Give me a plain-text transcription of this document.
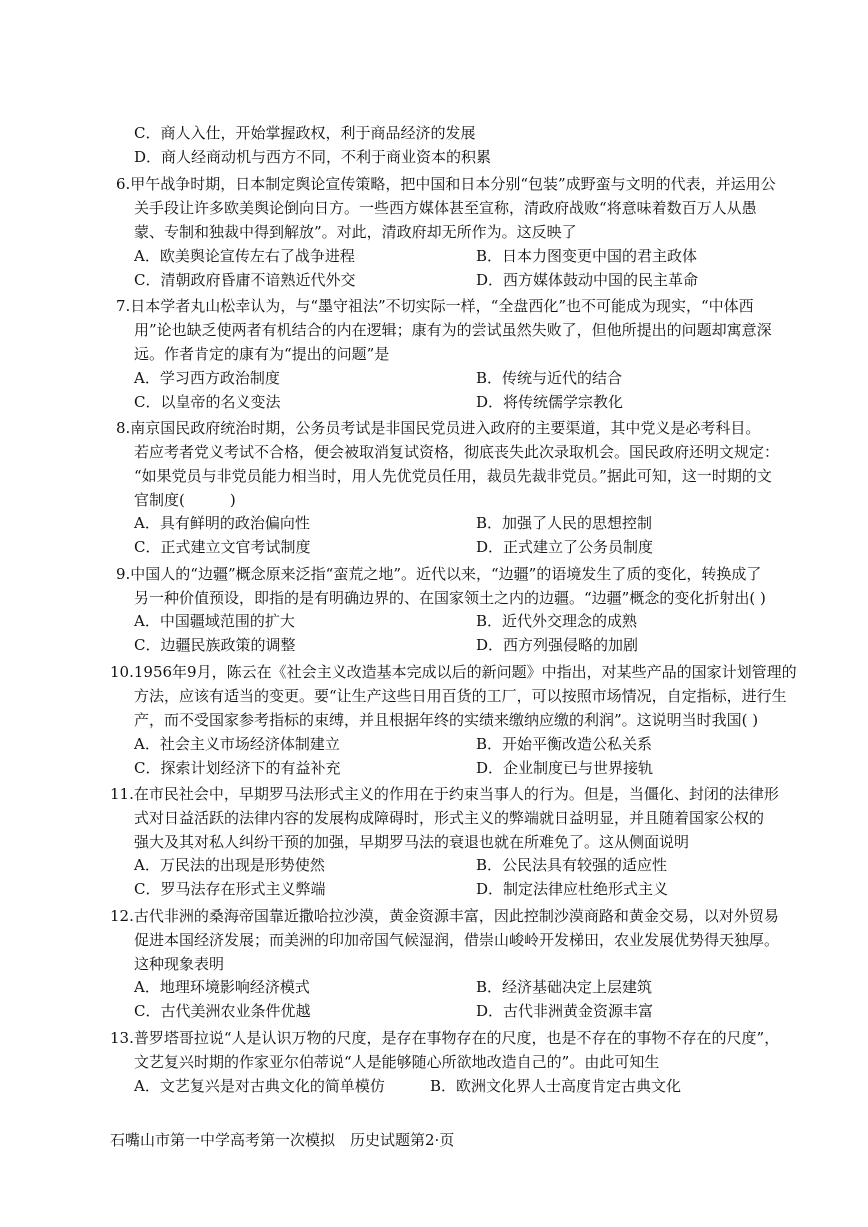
C．商人入仕，开始掌握政权，利于商品经济的发展
D．商人经商动机与西方不同，不利于商业资本的积累
6.甲午战争时期，日本制定舆论宣传策略，把中国和日本分别“包装”成野蛮与文明的代表，并运用公
关手段让许多欧美舆论倒向日方。一些西方媒体甚至宣称，清政府战败“将意味着数百万人从愚
蒙、专制和独裁中得到解放”。对此，清政府却无所作为。这反映了
A．欧美舆论宣传左右了战争进程	B．日本力图变更中国的君主政体
C．清朝政府昏庸不谙熟近代外交	D．西方媒体鼓动中国的民主革命
7.日本学者丸山松幸认为，与“墨守祖法”不切实际一样，“全盘西化”也不可能成为现实，“中体西
用”论也缺乏使两者有机结合的内在逻辑；康有为的尝试虽然失败了，但他所提出的问题却寓意深
远。作者肯定的康有为“提出的问题”是
A．学习西方政治制度	B．传统与近代的结合
C．以皇帝的名义变法	D．将传统儒学宗教化
8.南京国民政府统治时期，公务员考试是非国民党员进入政府的主要渠道，其中党义是必考科目。
若应考者党义考试不合格，便会被取消复试资格，彻底丧失此次录取机会。国民政府还明文规定：
“如果党员与非党员能力相当时，用人先优党员任用，裁员先裁非党员。”据此可知，这一时期的文
官制度(　　　)
A．具有鲜明的政治偏向性	B．加强了人民的思想控制
C．正式建立文官考试制度	D．正式建立了公务员制度
9.中国人的“边疆”概念原来泛指“蛮荒之地”。近代以来，“边疆”的语境发生了质的变化，转换成了
另一种价值预设，即指的是有明确边界的、在国家领土之内的边疆。“边疆”概念的变化折射出( )
A．中国疆域范围的扩大	B．近代外交理念的成熟
C．边疆民族政策的调整	D．西方列强侵略的加剧
10.1956年9月，陈云在《社会主义改造基本完成以后的新问题》中指出，对某些产品的国家计划管理的
方法，应该有适当的变更。要“让生产这些日用百货的工厂，可以按照市场情况，自定指标，进行生
产，而不受国家参考指标的束缚，并且根据年终的实绩来缴纳应缴的利润”。这说明当时我国( )
A．社会主义市场经济体制建立	B．开始平衡改造公私关系
C．探索计划经济下的有益补充	D．企业制度已与世界接轨
11.在市民社会中，早期罗马法形式主义的作用在于约束当事人的行为。但是，当僵化、封闭的法律形
式对日益活跃的法律内容的发展构成障碍时，形式主义的弊端就日益明显，并且随着国家公权的
强大及其对私人纠纷干预的加强，早期罗马法的衰退也就在所难免了。这从侧面说明
A．万民法的出现是形势使然	B．公民法具有较强的适应性
C．罗马法存在形式主义弊端	D．制定法律应杜绝形式主义
12.古代非洲的桑海帝国靠近撒哈拉沙漠，黄金资源丰富，因此控制沙漠商路和黄金交易，以对外贸易
促进本国经济发展；而美洲的印加帝国气候湿润，借崇山峻岭开发梯田，农业发展优势得天独厚。
这种现象表明
A．地理环境影响经济模式	B．经济基础决定上层建筑
C．古代美洲农业条件优越	D．古代非洲黄金资源丰富
13.普罗塔哥拉说“人是认识万物的尺度，是存在事物存在的尺度，也是不存在的事物不存在的尺度”，
文艺复兴时期的作家亚尔伯蒂说“人是能够随心所欲地改造自己的”。由此可知生
A．文艺复兴是对古典文化的简单模仿	B．欧洲文化界人士高度肯定古典文化
石嘴山市第一中学高考第一次模拟　历史试题第2·页
